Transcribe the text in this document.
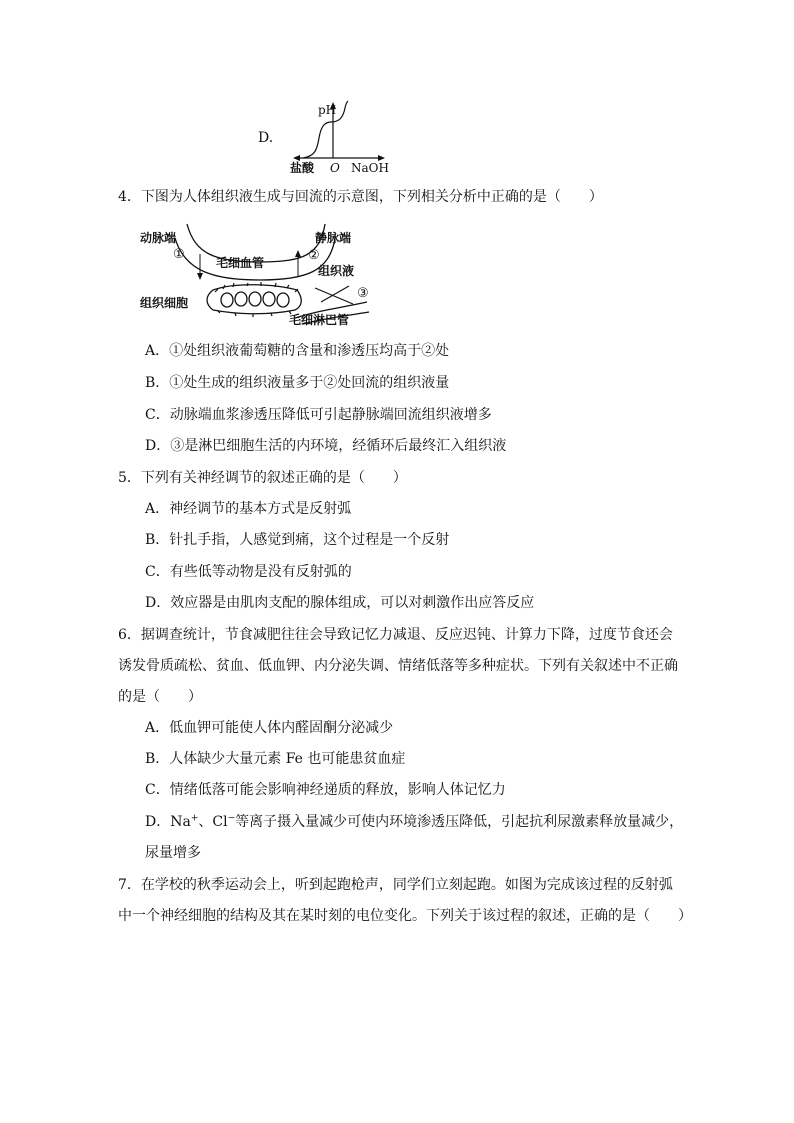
D.
pH
盐酸 O NaOH
4．下图为人体组织液生成与回流的示意图，下列相关分析中正确的是（　　）
动脉端
①
毛细血管
静脉端
②
组织液
组织细胞
③
毛细淋巴管
A．①处组织液葡萄糖的含量和渗透压均高于②处
B．①处生成的组织液量多于②处回流的组织液量
C．动脉端血浆渗透压降低可引起静脉端回流组织液增多
D．③是淋巴细胞生活的内环境，经循环后最终汇入组织液
5．下列有关神经调节的叙述正确的是（　　）
A．神经调节的基本方式是反射弧
B．针扎手指，人感觉到痛，这个过程是一个反射
C．有些低等动物是没有反射弧的
D．效应器是由肌肉支配的腺体组成，可以对刺激作出应答反应
6．据调查统计，节食减肥往往会导致记忆力减退、反应迟钝、计算力下降，过度节食还会
诱发骨质疏松、贫血、低血钾、内分泌失调、情绪低落等多种症状。下列有关叙述中不正确
的是（　　）
A．低血钾可能使人体内醛固酮分泌减少
B．人体缺少大量元素 Fe 也可能患贫血症
C．情绪低落可能会影响神经递质的释放，影响人体记忆力
D．Na+、Cl−等离子摄入量减少可使内环境渗透压降低，引起抗利尿激素释放量减少，
尿量增多
7．在学校的秋季运动会上，听到起跑枪声，同学们立刻起跑。如图为完成该过程的反射弧
中一个神经细胞的结构及其在某时刻的电位变化。下列关于该过程的叙述，正确的是（　　）
